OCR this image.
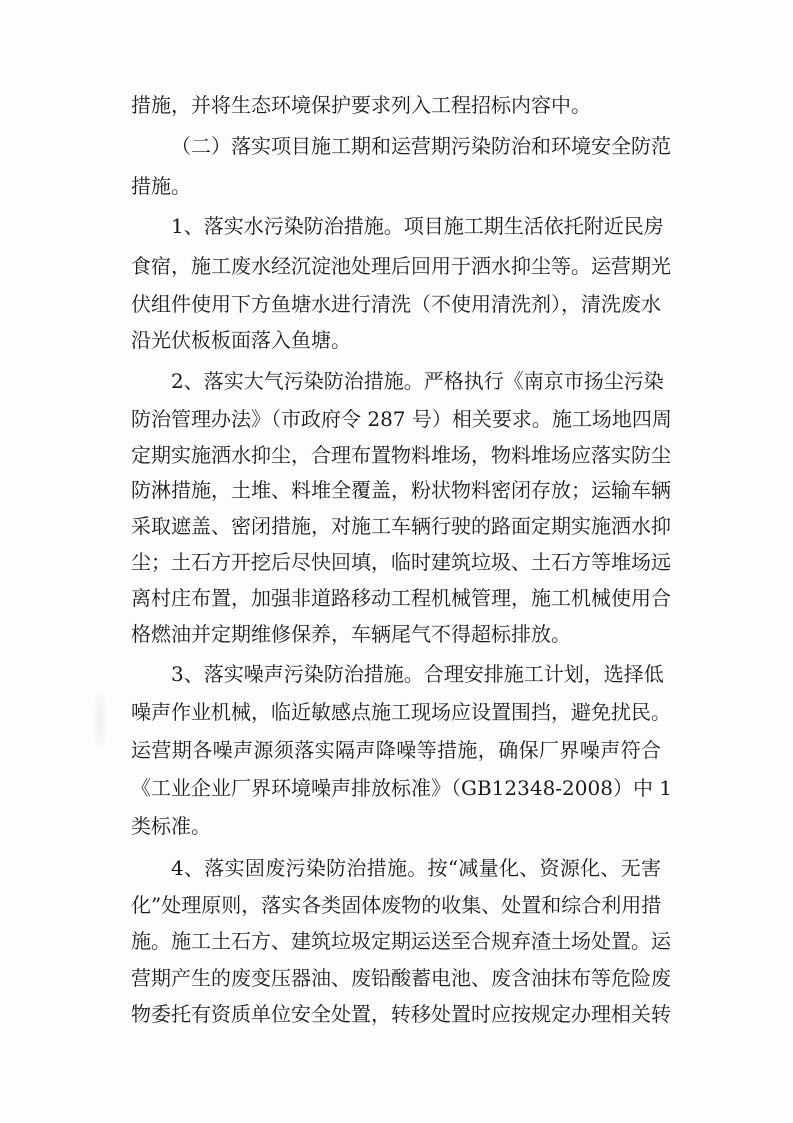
措施，并将生态环境保护要求列入工程招标内容中。
（二）落实项目施工期和运营期污染防治和环境安全防范
措施。
1、落实水污染防治措施。项目施工期生活依托附近民房
食宿，施工废水经沉淀池处理后回用于洒水抑尘等。运营期光
伏组件使用下方鱼塘水进行清洗（不使用清洗剂），清洗废水
沿光伏板板面落入鱼塘。
2、落实大气污染防治措施。严格执行《南京市扬尘污染
防治管理办法》（市政府令 287 号）相关要求。施工场地四周
定期实施洒水抑尘，合理布置物料堆场，物料堆场应落实防尘
防淋措施，土堆、料堆全覆盖，粉状物料密闭存放；运输车辆
采取遮盖、密闭措施，对施工车辆行驶的路面定期实施洒水抑
尘；土石方开挖后尽快回填，临时建筑垃圾、土石方等堆场远
离村庄布置，加强非道路移动工程机械管理，施工机械使用合
格燃油并定期维修保养，车辆尾气不得超标排放。
3、落实噪声污染防治措施。合理安排施工计划，选择低
噪声作业机械，临近敏感点施工现场应设置围挡，避免扰民。
运营期各噪声源须落实隔声降噪等措施，确保厂界噪声符合
《工业企业厂界环境噪声排放标准》（GB12348-2008）中 1
类标准。
4、落实固废污染防治措施。按“减量化、资源化、无害
化”处理原则，落实各类固体废物的收集、处置和综合利用措
施。施工土石方、建筑垃圾定期运送至合规弃渣土场处置。运
营期产生的废变压器油、废铅酸蓄电池、废含油抹布等危险废
物委托有资质单位安全处置，转移处置时应按规定办理相关转
